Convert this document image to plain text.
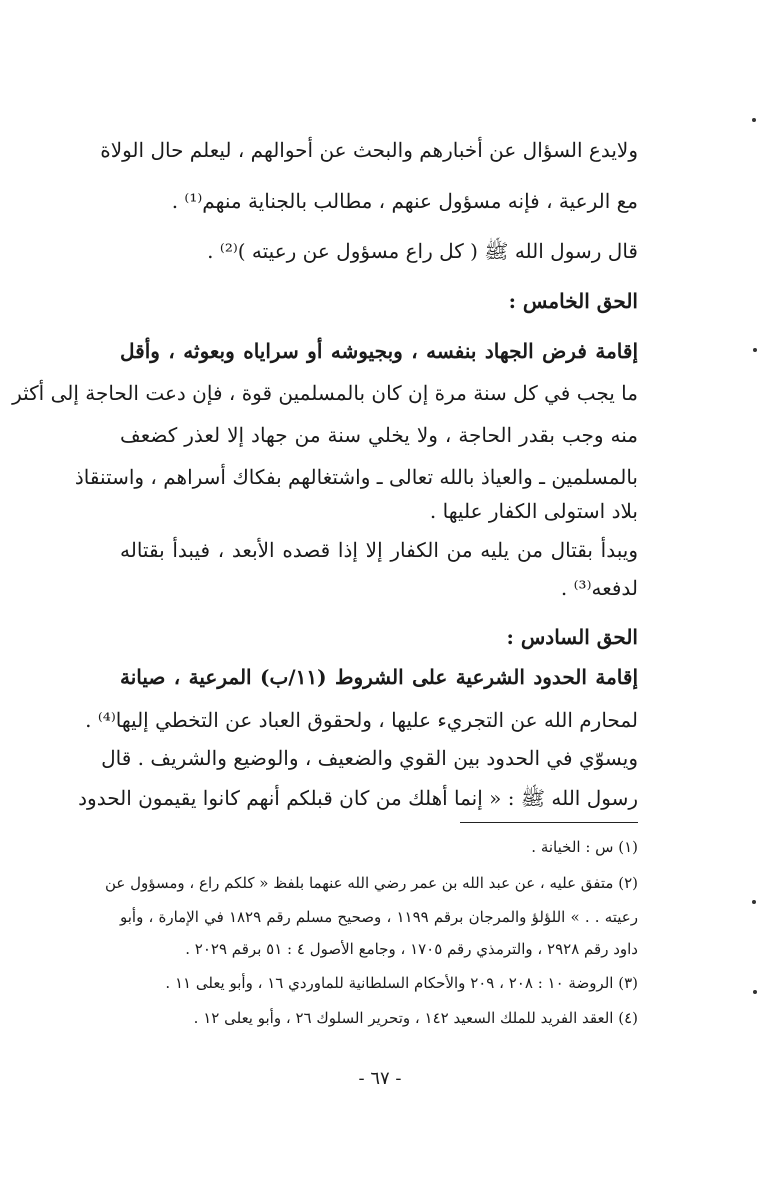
ولايدع السؤال عن أخبارهم والبحث عن أحوالهم ، ليعلم حال الولاة
مع الرعية ، فإنه مسؤول عنهم ، مطالب بالجناية منهم⁽¹⁾ .
قال رسول الله ﷺ ( كل راع مسؤول عن رعيته )⁽²⁾ .
الحق الخامس :
إقامة فرض الجهاد بنفسه ، وبجيوشه أو سراياه وبعوثه ، وأقل
ما يجب في كل سنة مرة إن كان بالمسلمين قوة ، فإن دعت الحاجة إلى أكثر
منه وجب بقدر الحاجة ، ولا يخلي سنة من جهاد إلا لعذر كضعف
بالمسلمين ـ والعياذ بالله تعالى ـ واشتغالهم بفكاك أسراهم ، واستنقاذ
بلاد استولى الكفار عليها .
ويبدأ بقتال من يليه من الكفار إلا إذا قصده الأبعد ، فيبدأ بقتاله
لدفعه⁽³⁾ .
الحق السادس :
إقامة الحدود الشرعية على الشروط (١١/ب) المرعية ، صيانة
لمحارم الله عن التجريء عليها ، ولحقوق العباد عن التخطي إليها⁽⁴⁾ .
ويسوّي في الحدود بين القوي والضعيف ، والوضيع والشريف . قال
رسول الله ﷺ : « إنما أهلك من كان قبلكم أنهم كانوا يقيمون الحدود
(١) س : الخيانة .
(٢) متفق عليه ، عن عبد الله بن عمر رضي الله عنهما بلفظ « كلكم راع ، ومسؤول عن
رعيته . . » اللؤلؤ والمرجان برقم ١١٩٩ ، وصحيح مسلم رقم ١٨٢٩ في الإمارة ، وأبو
داود رقم ٢٩٢٨ ، والترمذي رقم ١٧٠٥ ، وجامع الأصول ٤ : ٥١ برقم ٢٠٢٩ .
(٣) الروضة ١٠ : ٢٠٨ ، ٢٠٩ والأحكام السلطانية للماوردي ١٦ ، وأبو يعلى ١١ .
(٤) العقد الفريد للملك السعيد ١٤٢ ، وتحرير السلوك ٢٦ ، وأبو يعلى ١٢ .
- ٦٧ -
